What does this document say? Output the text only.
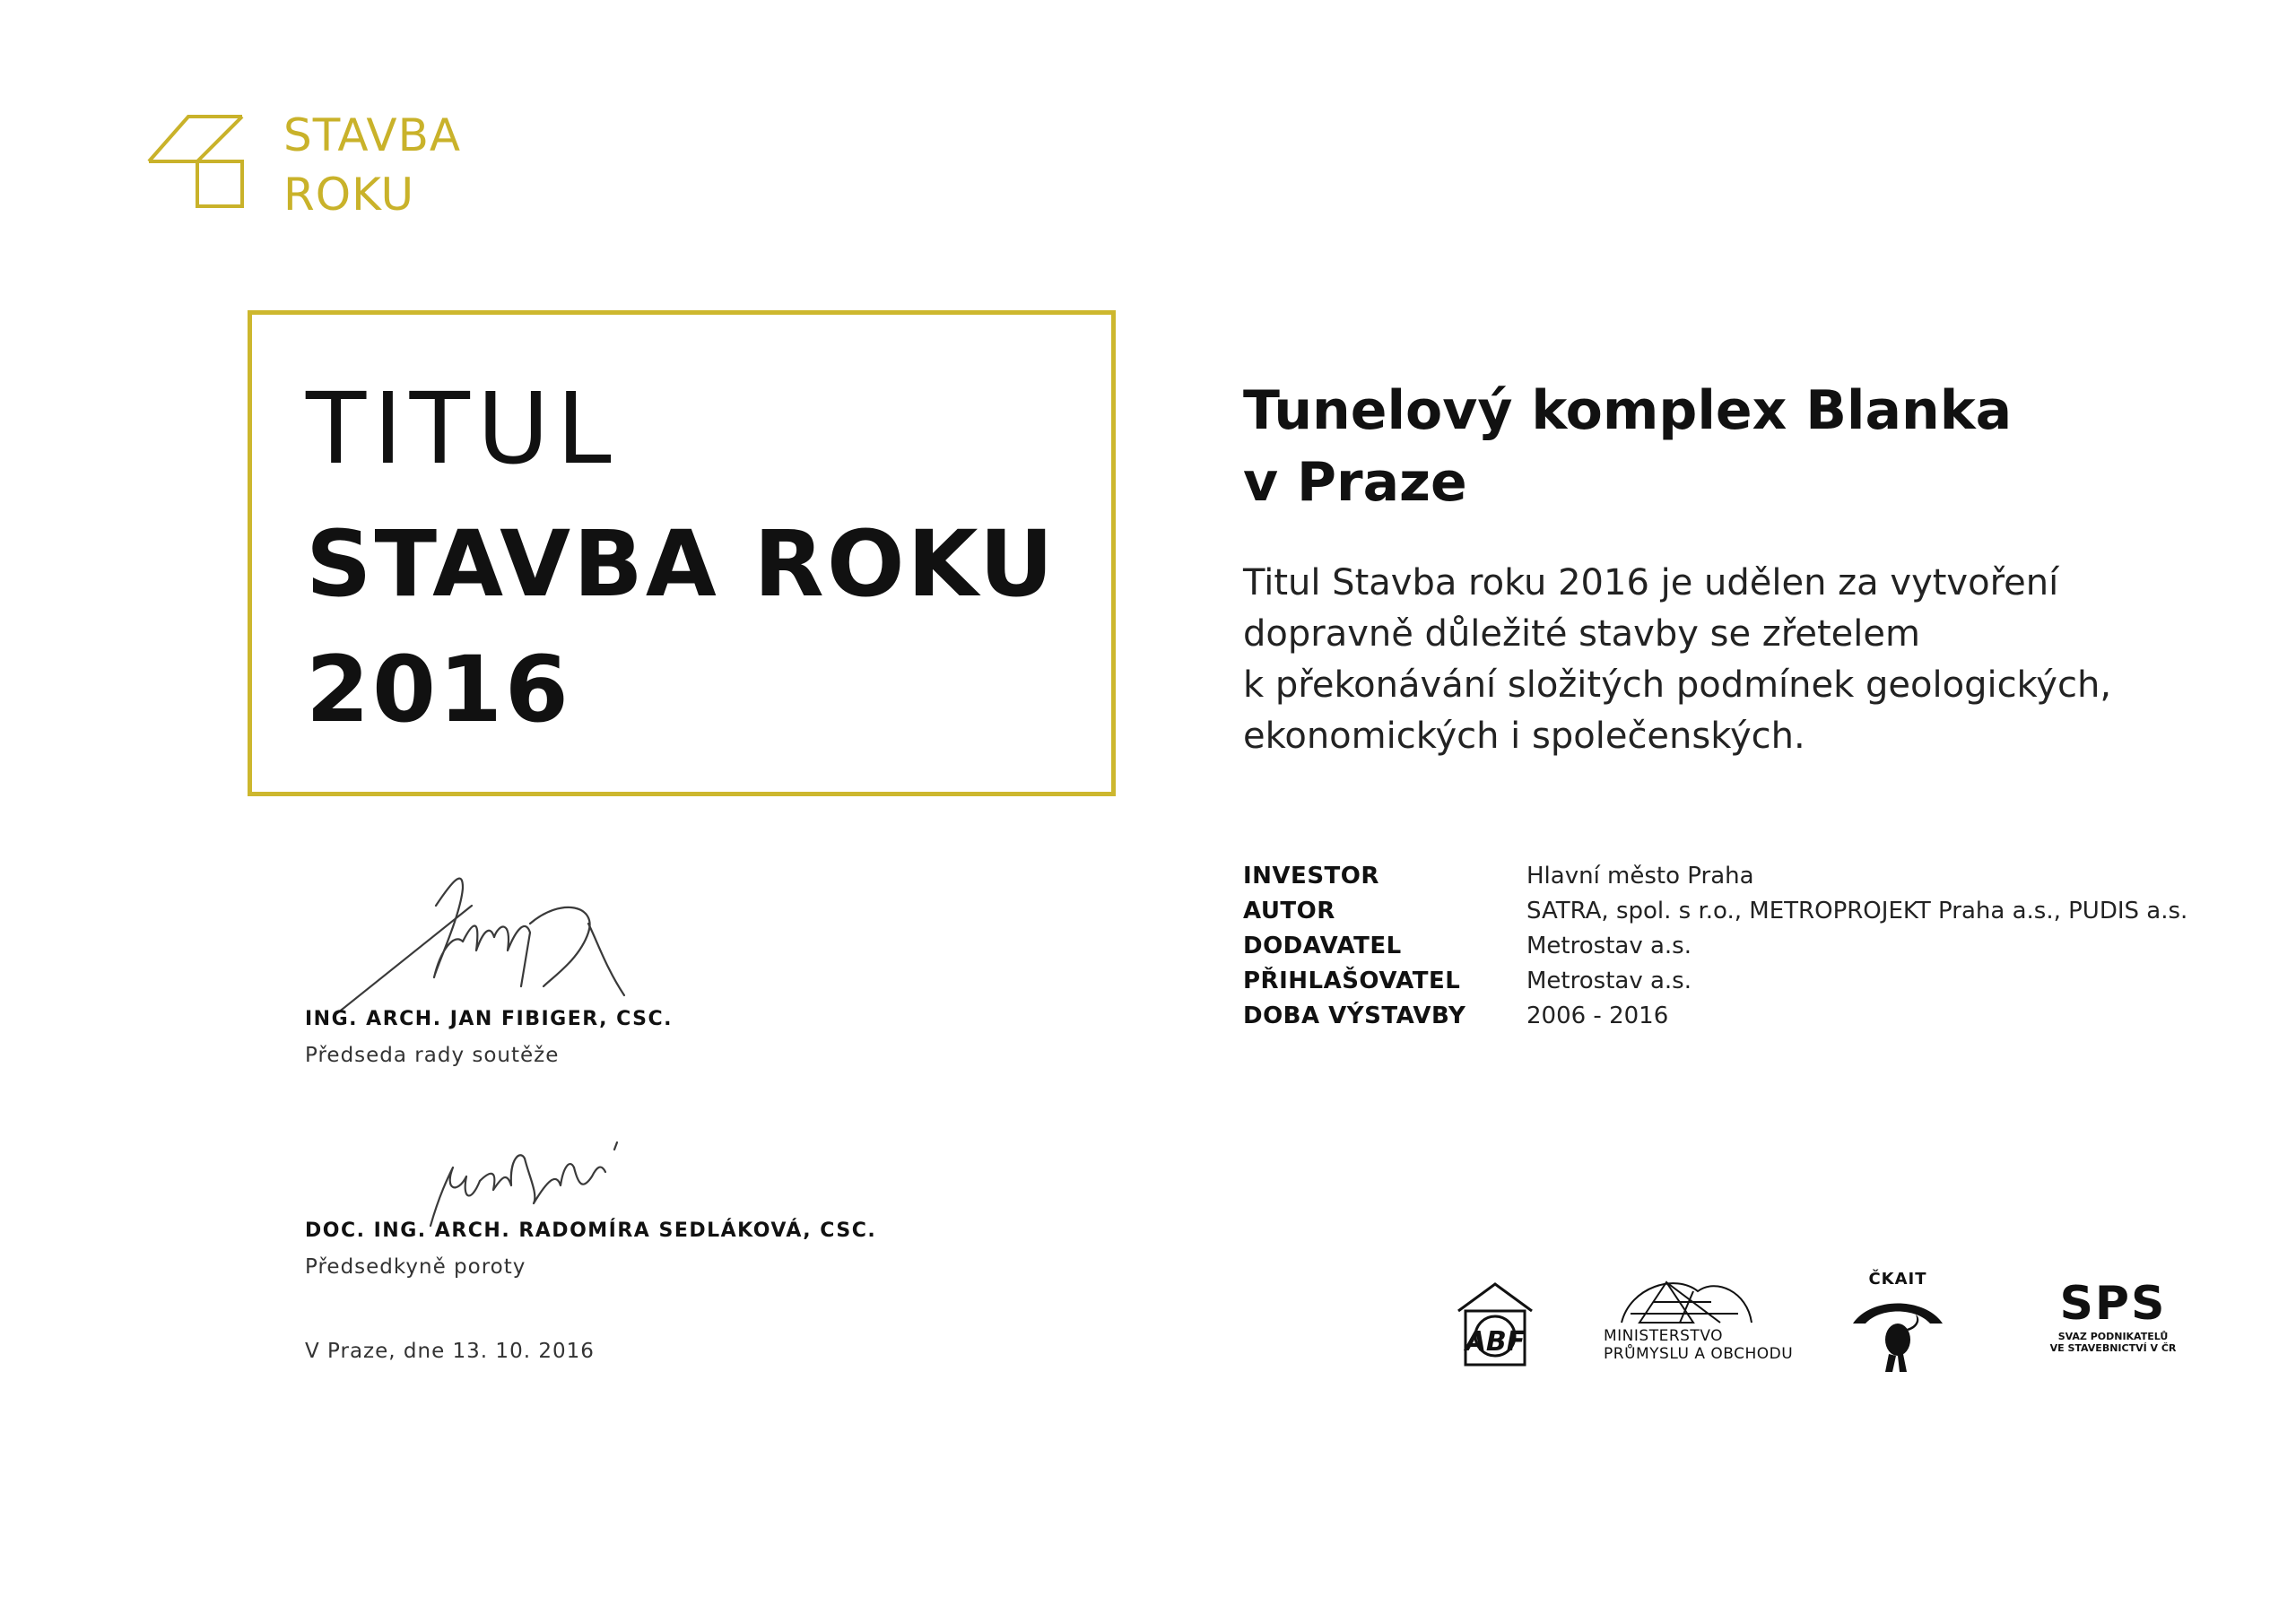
STAVBA
ROKU
TITUL
STAVBA ROKU
2016
Tunelový komplex Blanka
v Praze
Titul Stavba roku 2016 je udělen za vytvoření
dopravně důležité stavby se zřetelem
k překonávání složitých podmínek geologických,
ekonomických i společenských.
INVESTOR	Hlavní město Praha
AUTOR	SATRA, spol. s r.o., METROPROJEKT Praha a.s., PUDIS a.s.
DODAVATEL	Metrostav a.s.
PŘIHLAŠOVATEL	Metrostav a.s.
DOBA VÝSTAVBY	2006 - 2016
ING. ARCH. JAN FIBIGER, CSC.
Předseda rady soutěže
DOC. ING. ARCH. RADOMÍRA SEDLÁKOVÁ, CSC.
Předsedkyně poroty
V Praze, dne 13. 10. 2016	ABF	MINISTERSTVO
PRŮMYSLU A OBCHODU
ČKAIT	SPS
SVAZ PODNIKATELŮ
VE STAVEBNICTVÍ V ČR
